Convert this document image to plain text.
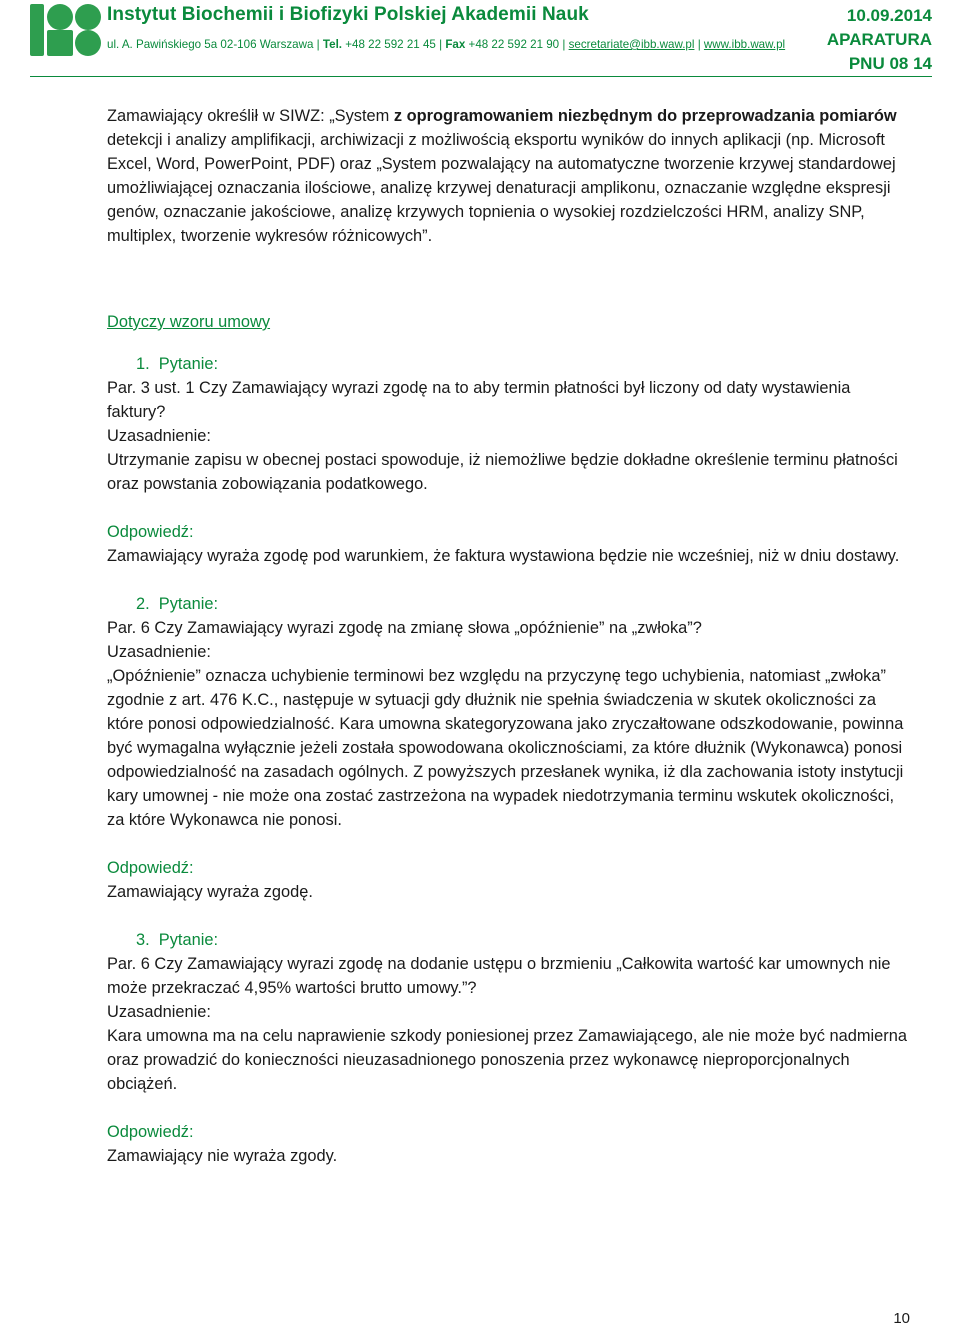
Instytut Biochemii i Biofizyki Polskiej Akademii Nauk
ul. A. Pawińskiego 5a 02-106 Warszawa | Tel. +48 22 592 21 45 | Fax +48 22 592 21 90 | secretariate@ibb.waw.pl | www.ibb.waw.pl
10.09.2014
APARATURA
PNU 08 14

Zamawiający określił w SIWZ: „System z oprogramowaniem niezbędnym do przeprowadzania pomiarów detekcji i analizy amplifikacji, archiwizacji z możliwością eksportu wyników do innych aplikacji (np. Microsoft Excel, Word, PowerPoint, PDF) oraz „System pozwalający na automatyczne tworzenie krzywej standardowej umożliwiającej oznaczania ilościowe, analizę krzywej denaturacji amplikonu, oznaczanie względne ekspresji genów, oznaczanie jakościowe, analizę krzywych topnienia o wysokiej rozdzielczości HRM, analizy SNP, multiplex, tworzenie wykresów różnicowych”.

Dotyczy wzoru umowy
1. Pytanie:

Par. 3 ust. 1 Czy Zamawiający wyrazi zgodę na to aby termin płatności był liczony od daty wystawienia faktury?

Uzasadnienie:

Utrzymanie zapisu w obecnej postaci spowoduje, iż niemożliwe będzie dokładne określenie terminu płatności oraz powstania zobowiązania podatkowego.

Odpowiedź:

Zamawiający wyraża zgodę pod warunkiem, że faktura wystawiona będzie nie wcześniej, niż w dniu dostawy.

2. Pytanie:

Par. 6 Czy Zamawiający wyrazi zgodę na zmianę słowa „opóźnienie” na „zwłoka”?

Uzasadnienie:

„Opóźnienie” oznacza uchybienie terminowi bez względu na przyczynę tego uchybienia, natomiast „zwłoka” zgodnie z art. 476 K.C., następuje w sytuacji gdy dłużnik nie spełnia świadczenia w skutek okoliczności za które ponosi odpowiedzialność. Kara umowna skategoryzowana jako zryczałtowane odszkodowanie, powinna być wymagalna wyłącznie jeżeli została spowodowana okolicznościami, za które dłużnik (Wykonawca) ponosi odpowiedzialność na zasadach ogólnych. Z powyższych przesłanek wynika, iż dla zachowania istoty instytucji kary umownej - nie może ona zostać zastrzeżona na wypadek niedotrzymania terminu wskutek okoliczności, za które Wykonawca nie ponosi.

Odpowiedź:

Zamawiający wyraża zgodę.

3. Pytanie:

Par. 6 Czy Zamawiający wyrazi zgodę na dodanie ustępu o brzmieniu „Całkowita wartość kar umownych nie może przekraczać 4,95% wartości brutto umowy.”?

Uzasadnienie:

Kara umowna ma na celu naprawienie szkody poniesionej przez Zamawiającego, ale nie może być nadmierna oraz prowadzić do konieczności nieuzasadnionego ponoszenia przez wykonawcę nieproporcjonalnych obciążeń.

Odpowiedź:

Zamawiający nie wyraża zgody.

10
